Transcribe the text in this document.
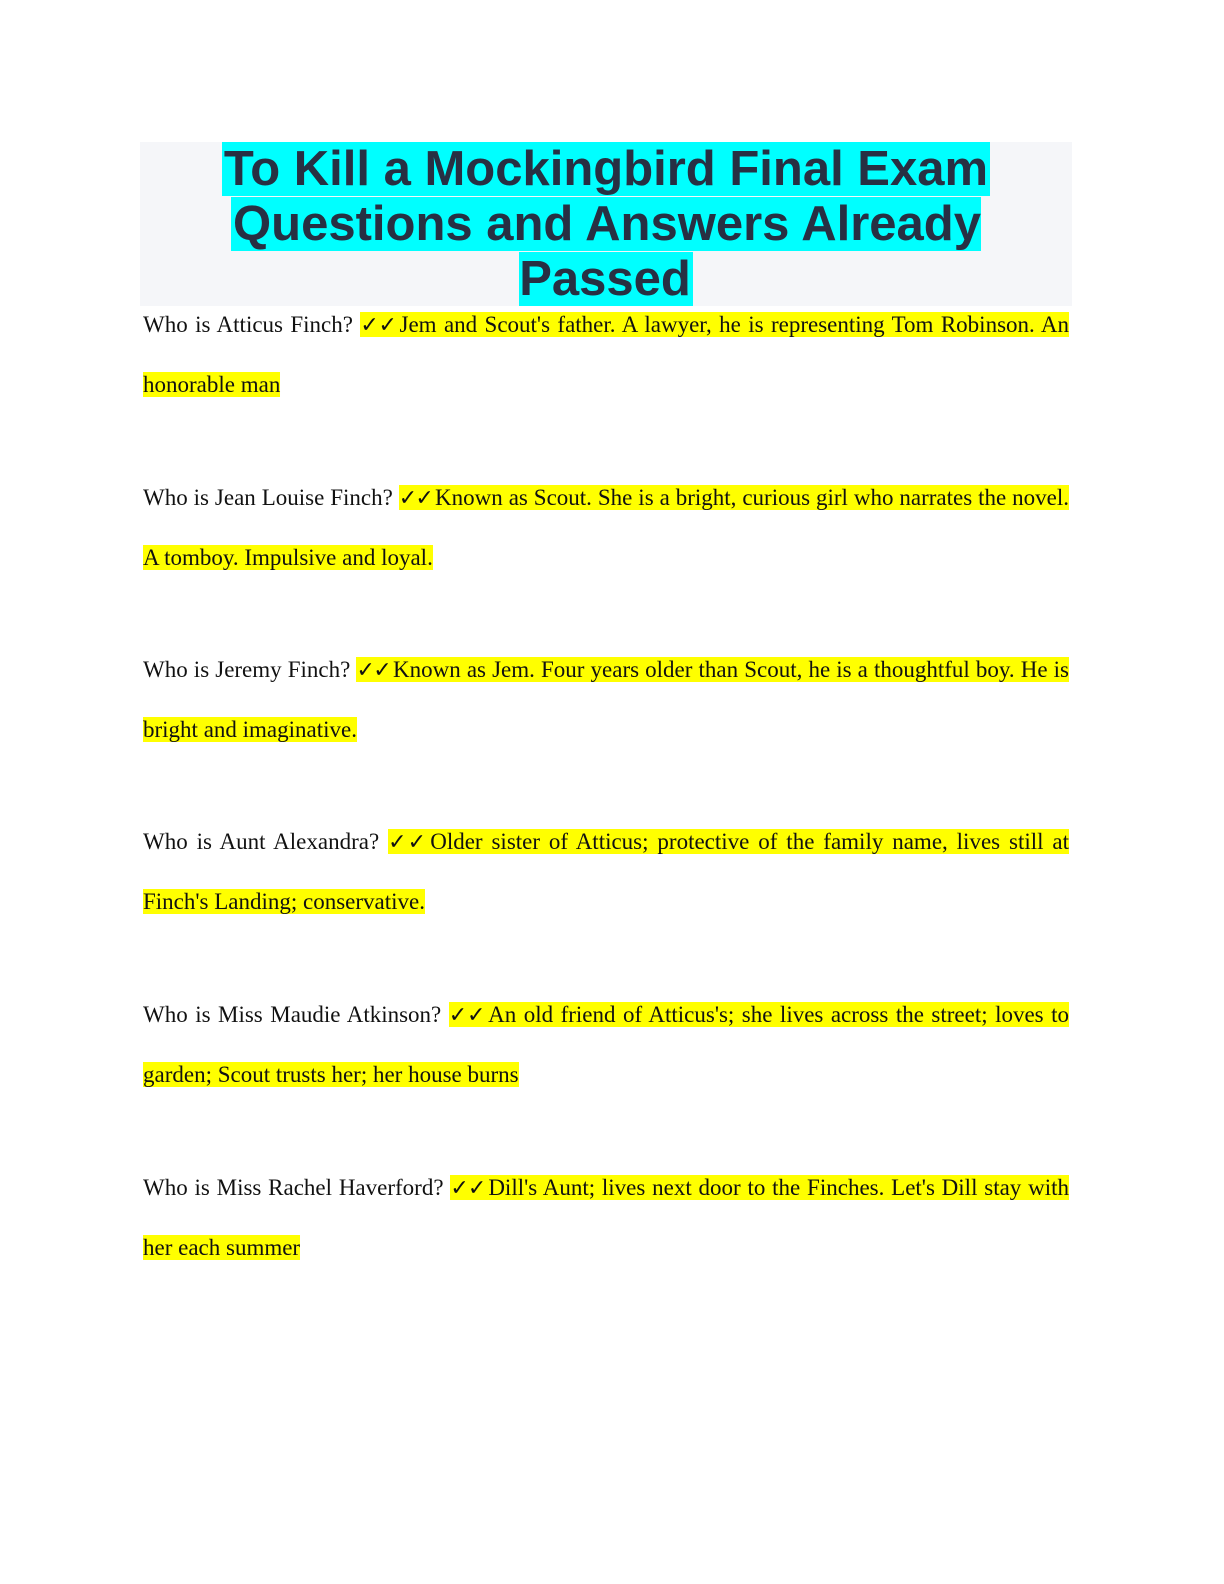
To Kill a Mockingbird Final Exam
Questions and Answers Already Passed

Who is Atticus Finch? ✓✓ Jem and Scout's father. A lawyer, he is representing Tom Robinson. An honorable man

Who is Jean Louise Finch? ✓✓ Known as Scout. She is a bright, curious girl who narrates the novel. A tomboy. Impulsive and loyal.

Who is Jeremy Finch? ✓✓ Known as Jem. Four years older than Scout, he is a thoughtful boy. He is bright and imaginative.

Who is Aunt Alexandra? ✓✓ Older sister of Atticus; protective of the family name, lives still at Finch's Landing; conservative.

Who is Miss Maudie Atkinson? ✓✓ An old friend of Atticus's; she lives across the street; loves to garden; Scout trusts her; her house burns

Who is Miss Rachel Haverford? ✓✓ Dill's Aunt; lives next door to the Finches. Let's Dill stay with her each summer
